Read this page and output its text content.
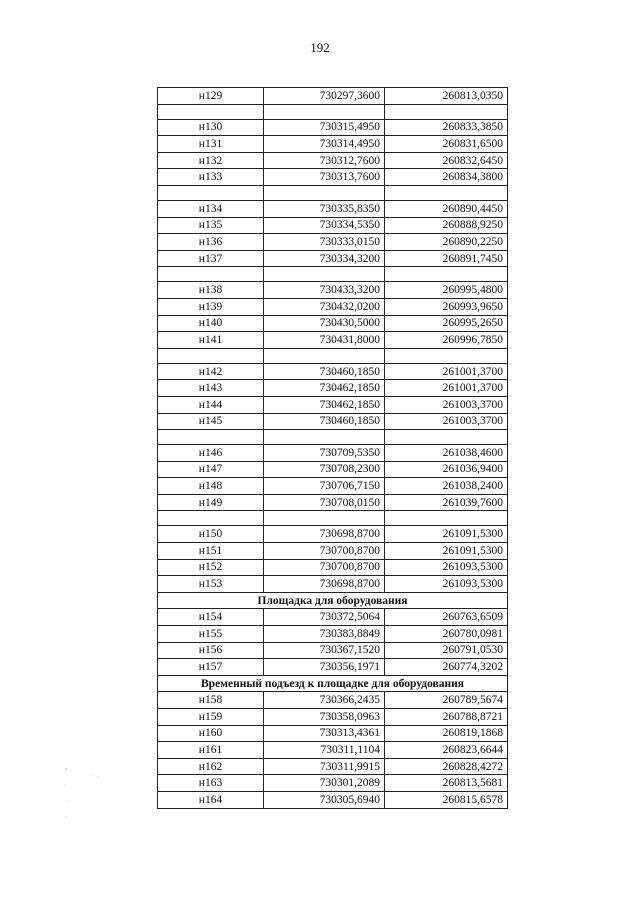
192
н129	730297,3600	260813,0350

н130	730315,4950	260833,3850
н131	730314,4950	260831,6500
н132	730312,7600	260832,6450
н133	730313,7600	260834,3800

н134	730335,8350	260890,4450
н135	730334,5350	260888,9250
н136	730333,0150	260890,2250
н137	730334,3200	260891,7450

н138	730433,3200	260995,4800
н139	730432,0200	260993,9650
н140	730430,5000	260995,2650
н141	730431,8000	260996,7850

н142	730460,1850	261001,3700
н143	730462,1850	261001,3700
н144	730462,1850	261003,3700
н145	730460,1850	261003,3700

н146	730709,5350	261038,4600
н147	730708,2300	261036,9400
н148	730706,7150	261038,2400
н149	730708,0150	261039,7600

н150	730698,8700	261091,5300
н151	730700,8700	261091,5300
н152	730700,8700	261093,5300
н153	730698,8700	261093,5300
Площадка для оборудования		
н154	730372,5064	260763,6509
н155	730383,8849	260780,0981
н156	730367,1520	260791,0530
н157	730356,1971	260774,3202
Временный подъезд к площадке для оборудования		
н158	730366,2435	260789,5674
н159	730358,0963	260788,8721
н160	730313,4361	260819,1868
н161	730311,1104	260823,6644
н162	730311,9915	260828,4272
н163	730301,2089	260813,5681
н164	730305,6940	260815,6578
